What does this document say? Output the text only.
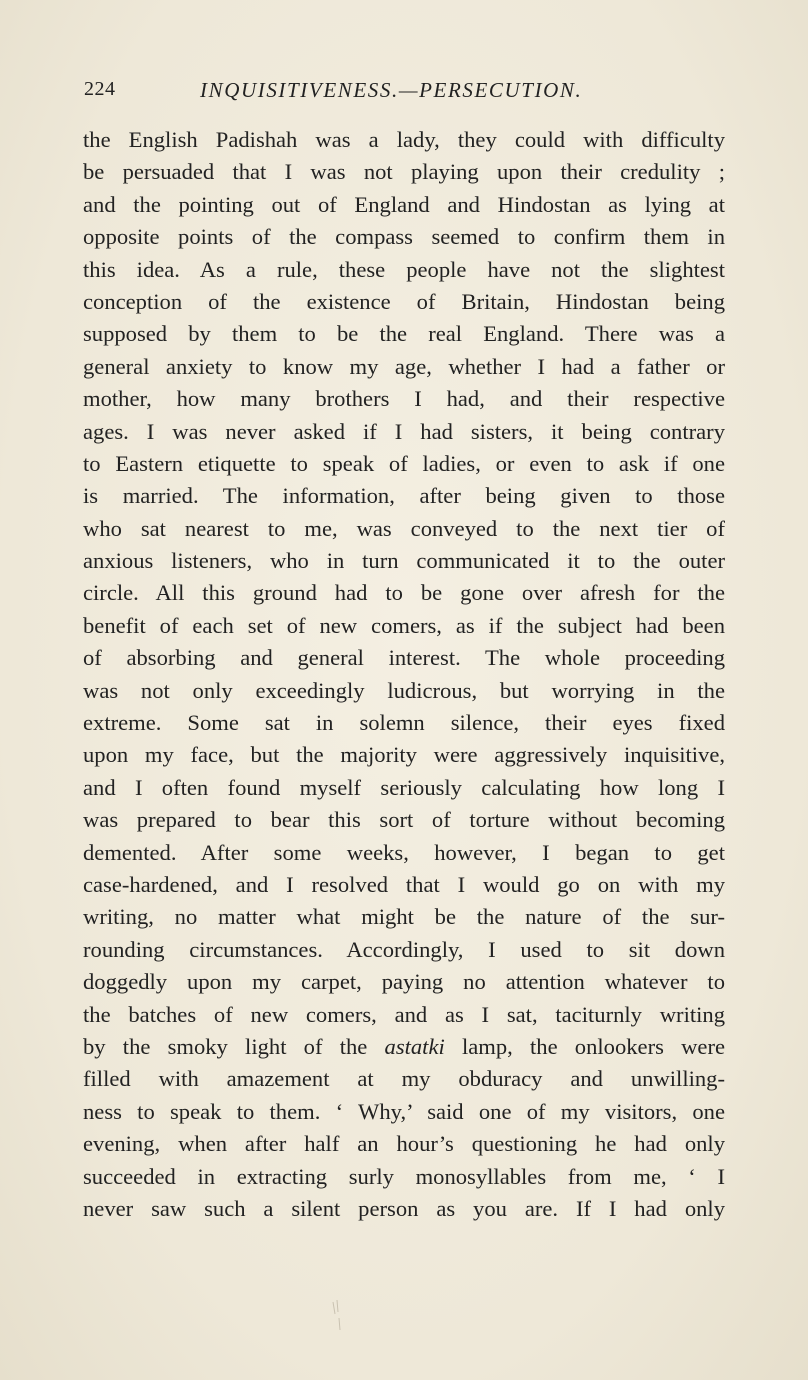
224	INQUISITIVENESS.—PERSECUTION.
the English Padishah was a lady, they could with difficulty
be persuaded that I was not playing upon their credulity ;
and the pointing out of England and Hindostan as lying at
opposite points of the compass seemed to confirm them in
this idea. As a rule, these people have not the slightest
conception of the existence of Britain, Hindostan being
supposed by them to be the real England. There was a
general anxiety to know my age, whether I had a father or
mother, how many brothers I had, and their respective
ages. I was never asked if I had sisters, it being contrary
to Eastern etiquette to speak of ladies, or even to ask if one
is married. The information, after being given to those
who sat nearest to me, was conveyed to the next tier of
anxious listeners, who in turn communicated it to the outer
circle. All this ground had to be gone over afresh for the
benefit of each set of new comers, as if the subject had been
of absorbing and general interest. The whole proceeding
was not only exceedingly ludicrous, but worrying in the
extreme. Some sat in solemn silence, their eyes fixed
upon my face, but the majority were aggressively inquisitive,
and I often found myself seriously calculating how long I
was prepared to bear this sort of torture without becoming
demented. After some weeks, however, I began to get
case-hardened, and I resolved that I would go on with my
writing, no matter what might be the nature of the sur-
rounding circumstances. Accordingly, I used to sit down
doggedly upon my carpet, paying no attention whatever to
the batches of new comers, and as I sat, taciturnly writing
by the smoky light of the astatki lamp, the onlookers were
filled with amazement at my obduracy and unwilling-
ness to speak to them. ‘ Why,’ said one of my visitors, one
evening, when after half an hour’s questioning he had only
succeeded in extracting surly monosyllables from me, ‘ I
never saw such a silent person as you are. If I had only
